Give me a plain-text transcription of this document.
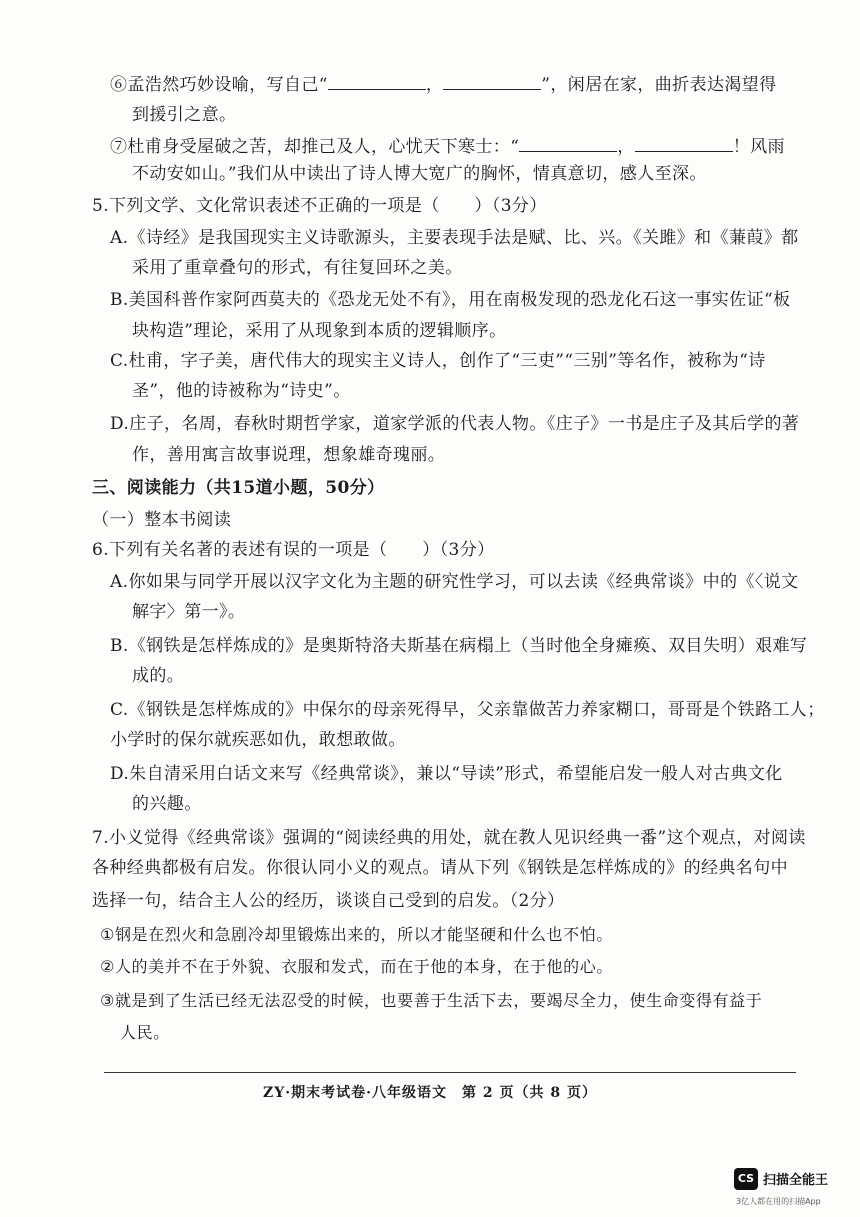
⑥孟浩然巧妙设喻，写自己“	，	”，闲居在家，曲折表达渴望得
到援引之意。
⑦杜甫身受屋破之苦，却推己及人，心忧天下寒士：“	，	！风雨
不动安如山。”我们从中读出了诗人博大宽广的胸怀，情真意切，感人至深。
5.下列文学、文化常识表述不正确的一项是（　　）（3分）
A.《诗经》是我国现实主义诗歌源头，主要表现手法是赋、比、兴。《关雎》和《蒹葭》都
采用了重章叠句的形式，有往复回环之美。
B.美国科普作家阿西莫夫的《恐龙无处不有》，用在南极发现的恐龙化石这一事实佐证“板
块构造”理论，采用了从现象到本质的逻辑顺序。
C.杜甫，字子美，唐代伟大的现实主义诗人，创作了“三吏”“三别”等名作，被称为“诗
圣”，他的诗被称为“诗史”。
D.庄子，名周，春秋时期哲学家，道家学派的代表人物。《庄子》一书是庄子及其后学的著
作，善用寓言故事说理，想象雄奇瑰丽。
三、阅读能力（共15道小题，50分）
（一）整本书阅读
6.下列有关名著的表述有误的一项是（　　）（3分）
A.你如果与同学开展以汉字文化为主题的研究性学习，可以去读《经典常谈》中的《〈说文
解字〉第一》。
B.《钢铁是怎样炼成的》是奥斯特洛夫斯基在病榻上（当时他全身瘫痪、双目失明）艰难写
成的。
C.《钢铁是怎样炼成的》中保尔的母亲死得早，父亲靠做苦力养家糊口，哥哥是个铁路工人；
小学时的保尔就疾恶如仇，敢想敢做。
D.朱自清采用白话文来写《经典常谈》，兼以“导读”形式，希望能启发一般人对古典文化
的兴趣。
7.小义觉得《经典常谈》强调的“阅读经典的用处，就在教人见识经典一番”这个观点，对阅读
各种经典都极有启发。你很认同小义的观点。请从下列《钢铁是怎样炼成的》的经典名句中
选择一句，结合主人公的经历，谈谈自己受到的启发。（2分）
①钢是在烈火和急剧冷却里锻炼出来的，所以才能坚硬和什么也不怕。
②人的美并不在于外貌、衣服和发式，而在于他的本身，在于他的心。
③就是到了生活已经无法忍受的时候，也要善于生活下去，要竭尽全力，使生命变得有益于
人民。
ZY·期末考试卷·八年级语文　第 2 页（共 8 页）
CS 扫描全能王
3亿人都在用的扫描App
